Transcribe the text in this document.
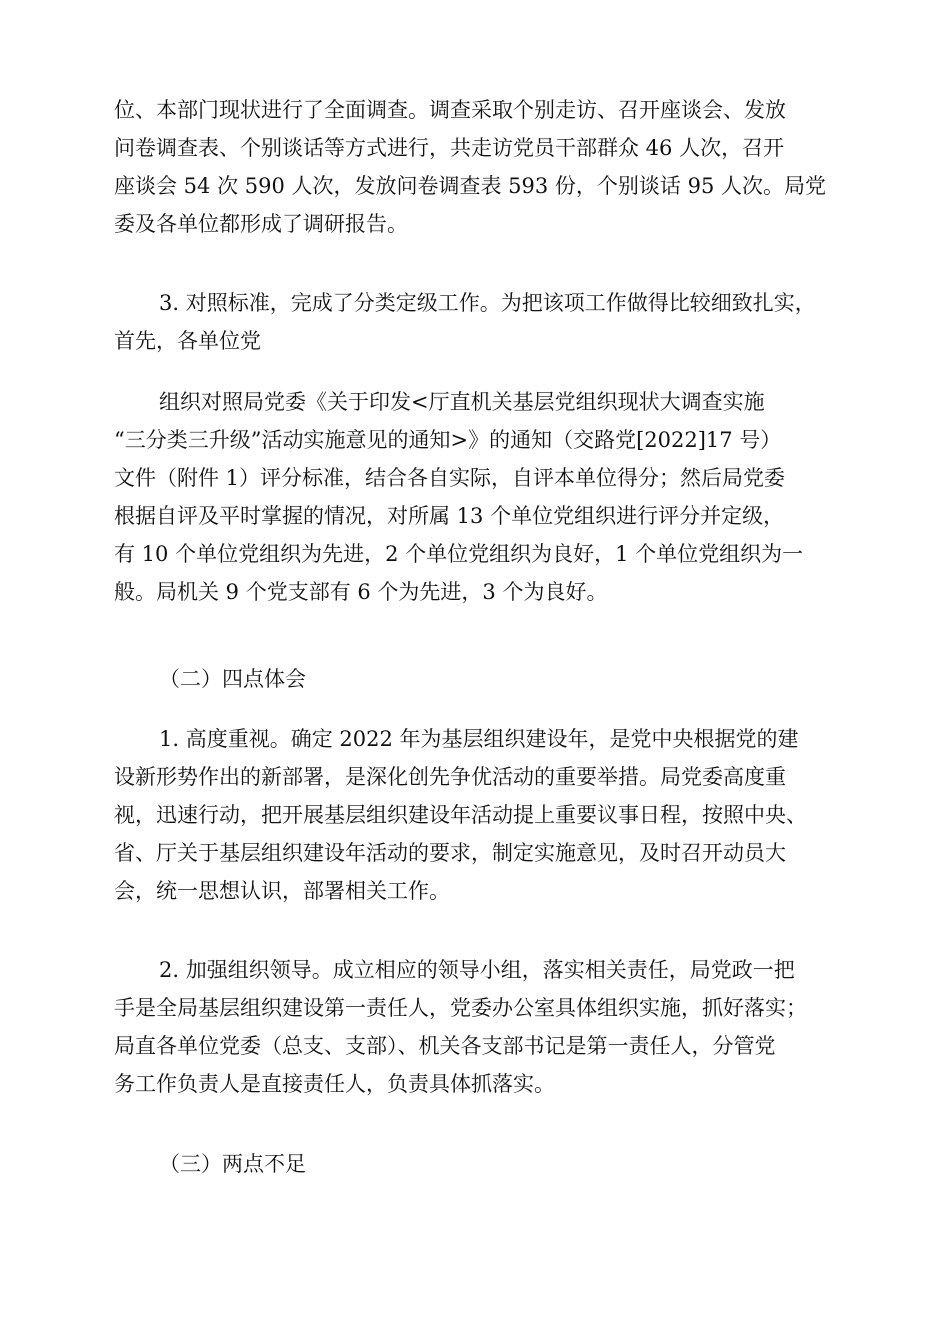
位、本部门现状进行了全面调查。调查采取个别走访、召开座谈会、发放
问卷调查表、个别谈话等方式进行，共走访党员干部群众 46 人次，召开
座谈会 54 次 590 人次，发放问卷调查表 593 份，个别谈话 95 人次。局党
委及各单位都形成了调研报告。
3. 对照标准，完成了分类定级工作。为把该项工作做得比较细致扎实，
首先，各单位党
组织对照局党委《关于印发<厅直机关基层党组织现状大调查实施
“三分类三升级”活动实施意见的通知>》的通知（交路党[2022]17 号）
文件（附件 1）评分标准，结合各自实际，自评本单位得分；然后局党委
根据自评及平时掌握的情况，对所属 13 个单位党组织进行评分并定级，
有 10 个单位党组织为先进，2 个单位党组织为良好，1 个单位党组织为一
般。局机关 9 个党支部有 6 个为先进，3 个为良好。
（二）四点体会
1. 高度重视。确定 2022 年为基层组织建设年，是党中央根据党的建
设新形势作出的新部署，是深化创先争优活动的重要举措。局党委高度重
视，迅速行动，把开展基层组织建设年活动提上重要议事日程，按照中央、
省、厅关于基层组织建设年活动的要求，制定实施意见，及时召开动员大
会，统一思想认识，部署相关工作。
2. 加强组织领导。成立相应的领导小组，落实相关责任，局党政一把
手是全局基层组织建设第一责任人，党委办公室具体组织实施，抓好落实；
局直各单位党委（总支、支部）、机关各支部书记是第一责任人，分管党
务工作负责人是直接责任人，负责具体抓落实。
（三）两点不足
